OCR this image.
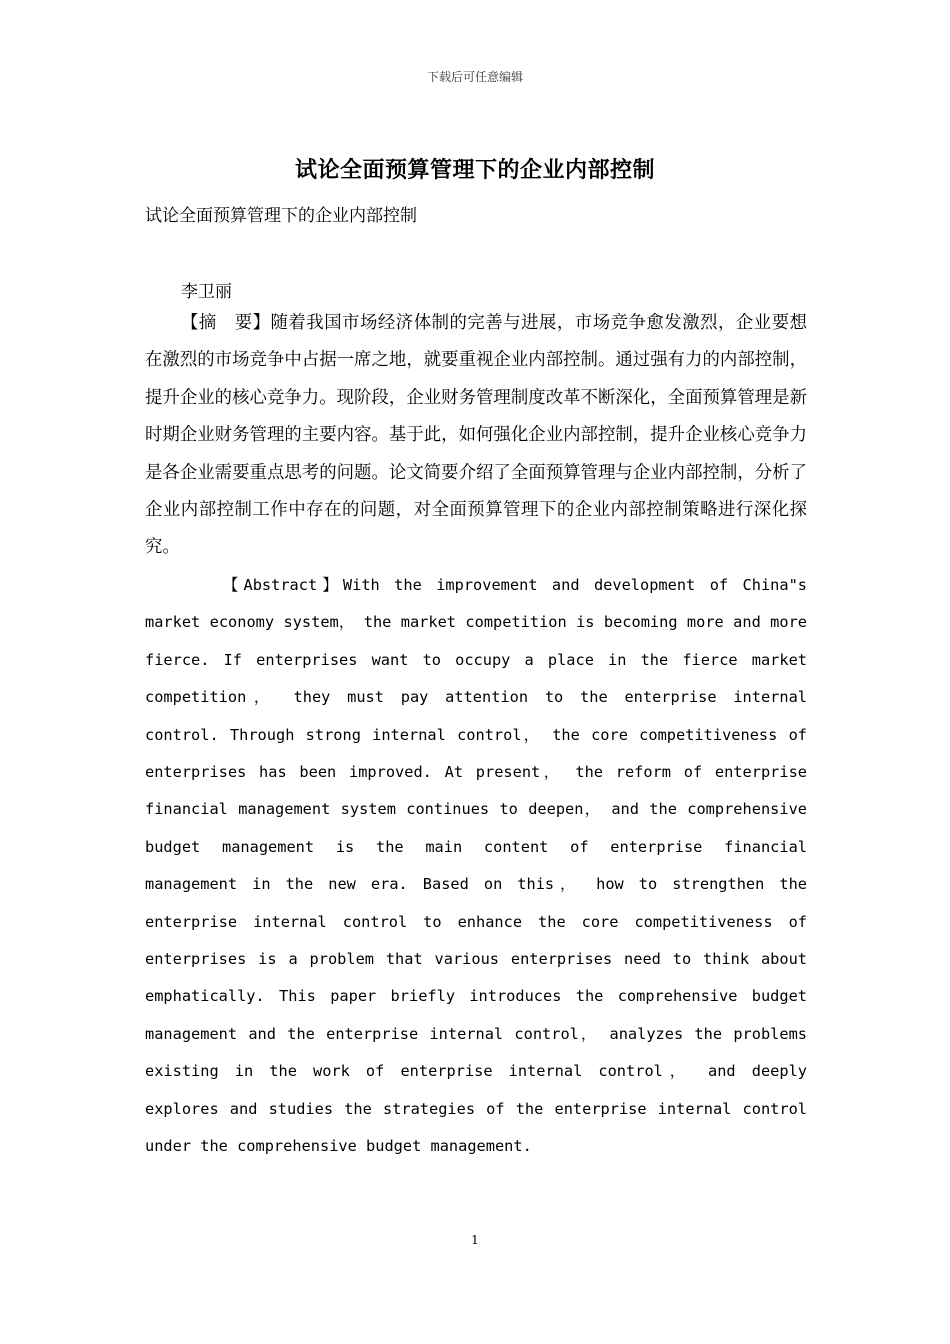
下载后可任意编辑
试论全面预算管理下的企业内部控制
试论全面预算管理下的企业内部控制
李卫丽

【摘　要】随着我国市场经济体制的完善与进展，市场竞争愈发激烈，企业要想在激烈的市场竞争中占据一席之地，就要重视企业内部控制。通过强有力的内部控制，提升企业的核心竞争力。现阶段，企业财务管理制度改革不断深化，全面预算管理是新时期企业财务管理的主要内容。基于此，如何强化企业内部控制，提升企业核心竞争力是各企业需要重点思考的问题。论文简要介绍了全面预算管理与企业内部控制，分析了企业内部控制工作中存在的问题，对全面预算管理下的企业内部控制策略进行深化探究。

【Abstract】With the improvement and development of China"s market economy system， the market competition is becoming more and more fierce. If enterprises want to occupy a place in the fierce market competition， they must pay attention to the enterprise internal control. Through strong internal control， the core competitiveness of enterprises has been improved. At present， the reform of enterprise financial management system continues to deepen， and the comprehensive budget management is the main content of enterprise financial management in the new era. Based on this， how to strengthen the enterprise internal control to enhance the core competitiveness of enterprises is a problem that various enterprises need to think about emphatically. This paper briefly introduces the comprehensive budget management and the enterprise internal control， analyzes the problems existing in the work of enterprise internal control， and deeply explores and studies the strategies of the enterprise internal control under the comprehensive budget management.

1
